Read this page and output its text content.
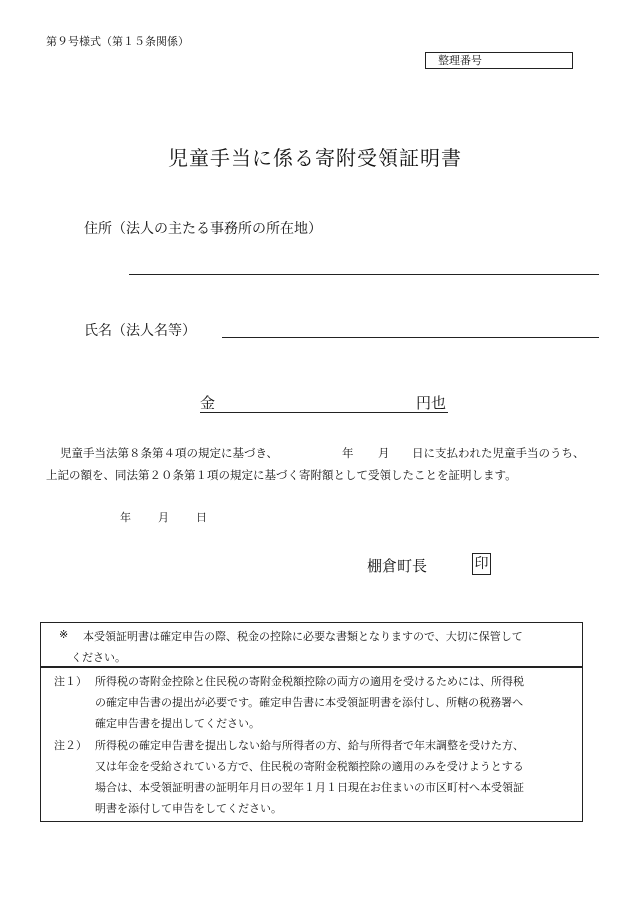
第９号様式（第１５条関係）
整理番号
児童手当に係る寄附受領証明書
住所（法人の主たる事務所の所在地）
氏名（法人名等）
金	円也
児童手当法第８条第４項の規定に基づき、	年 月 日に支払われた児童手当のうち、
上記の額を、同法第２０条第１項の規定に基づく寄附額として受領したことを証明します。
年 月 日
棚倉町長	印
※ 本受領証明書は確定申告の際、税金の控除に必要な書類となりますので、大切に保管して
ください。
注１） 所得税の寄附金控除と住民税の寄附金税額控除の両方の適用を受けるためには、所得税
の確定申告書の提出が必要です。確定申告書に本受領証明書を添付し、所轄の税務署へ
確定申告書を提出してください。
注２） 所得税の確定申告書を提出しない給与所得者の方、給与所得者で年末調整を受けた方、
又は年金を受給されている方で、住民税の寄附金税額控除の適用のみを受けようとする
場合は、本受領証明書の証明年月日の翌年１月１日現在お住まいの市区町村へ本受領証
明書を添付して申告をしてください。
